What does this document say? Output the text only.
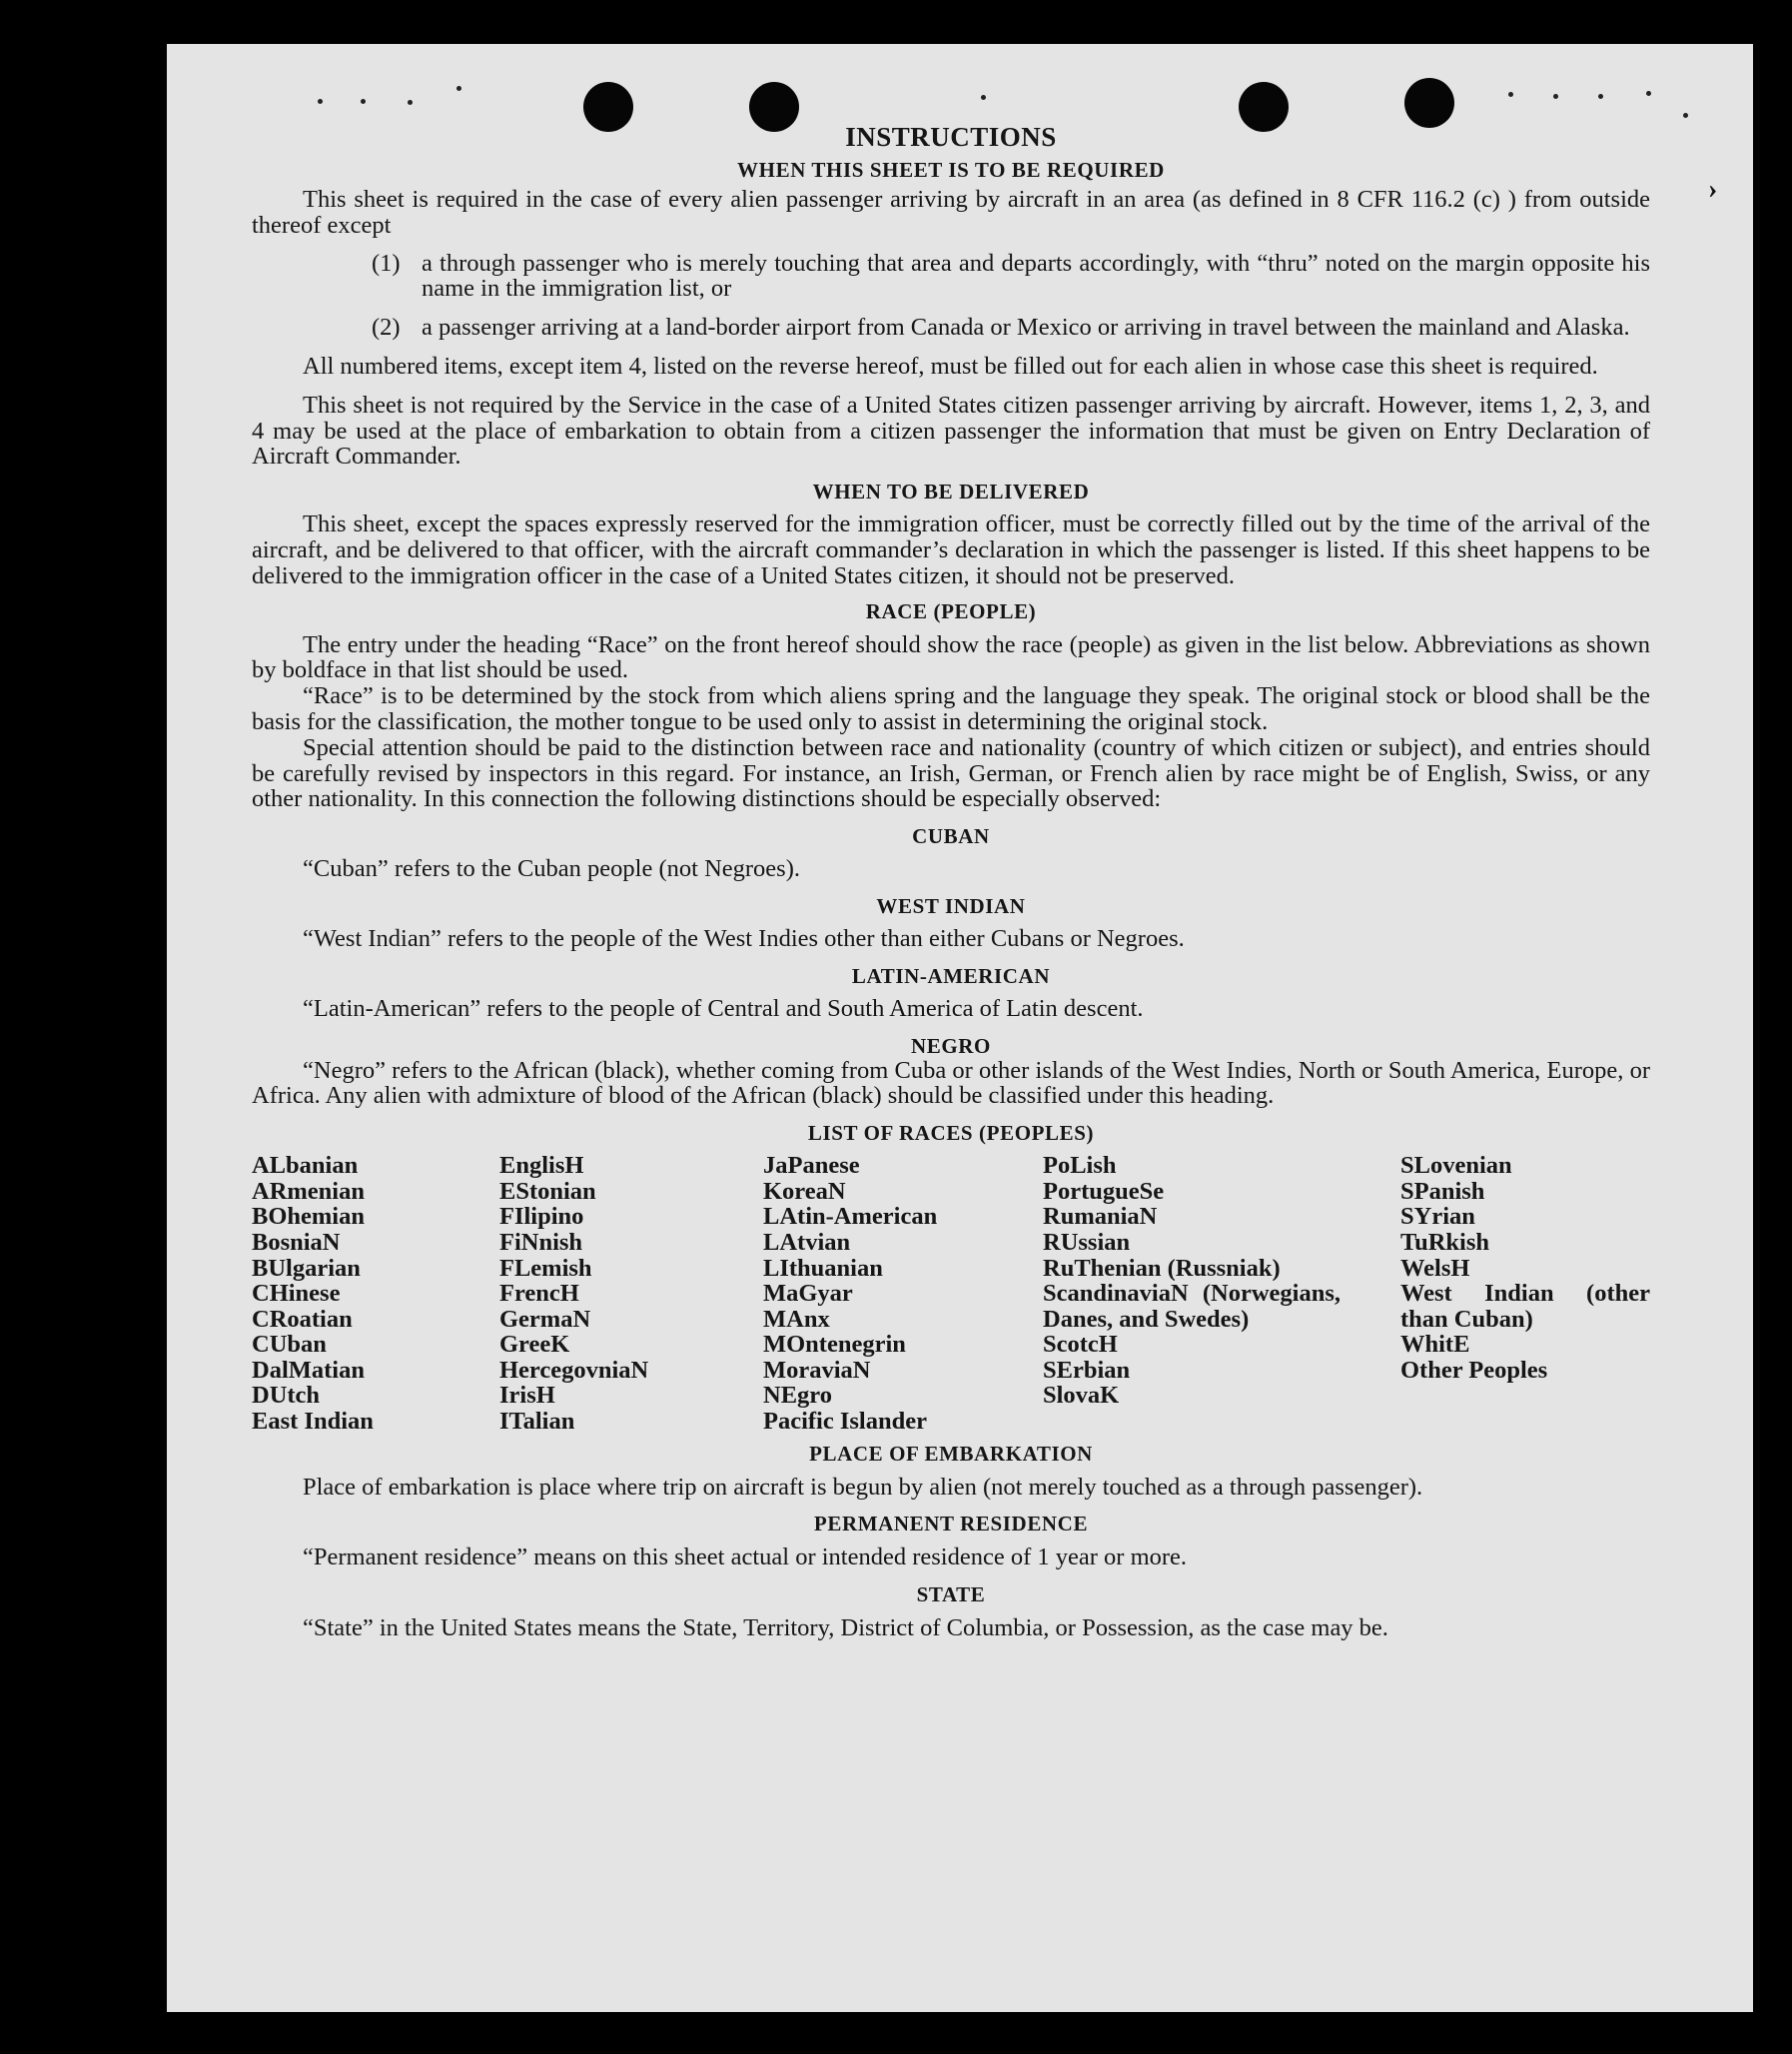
›
INSTRUCTIONS
WHEN THIS SHEET IS TO BE REQUIRED

This sheet is required in the case of every alien passenger arriving by aircraft in an area (as defined in 8 CFR 116.2 (c) ) from outside thereof except

(1) a through passenger who is merely touching that area and departs accordingly, with “thru” noted on the margin opposite his name in the immigration list, or
(2) a passenger arriving at a land-border airport from Canada or Mexico or arriving in travel between the mainland and Alaska.

All numbered items, except item 4, listed on the reverse hereof, must be filled out for each alien in whose case this sheet is required.

This sheet is not required by the Service in the case of a United States citizen passenger arriving by aircraft. However, items 1, 2, 3, and 4 may be used at the place of embarkation to obtain from a citizen passenger the information that must be given on Entry Declaration of Aircraft Commander.

WHEN TO BE DELIVERED

This sheet, except the spaces expressly reserved for the immigration officer, must be correctly filled out by the time of the arrival of the aircraft, and be delivered to that officer, with the aircraft commander’s declaration in which the passenger is listed. If this sheet happens to be delivered to the immigration officer in the case of a United States citizen, it should not be preserved.

RACE (PEOPLE)

The entry under the heading “Race” on the front hereof should show the race (people) as given in the list below. Abbreviations as shown by boldface in that list should be used.

“Race” is to be determined by the stock from which aliens spring and the language they speak. The original stock or blood shall be the basis for the classification, the mother tongue to be used only to assist in determining the original stock.

Special attention should be paid to the distinction between race and nationality (country of which citizen or subject), and entries should be carefully revised by inspectors in this regard. For instance, an Irish, German, or French alien by race might be of English, Swiss, or any other nationality. In this connection the following distinctions should be especially observed:

CUBAN

“Cuban” refers to the Cuban people (not Negroes).

WEST INDIAN

“West Indian” refers to the people of the West Indies other than either Cubans or Negroes.

LATIN-AMERICAN

“Latin-American” refers to the people of Central and South America of Latin descent.

NEGRO

“Negro” refers to the African (black), whether coming from Cuba or other islands of the West Indies, North or South America, Europe, or Africa. Any alien with admixture of blood of the African (black) should be classified under this heading.

LIST OF RACES (PEOPLES)
ALbanian
ARmenian
BOhemian
BosniaN
BUlgarian
CHinese
CRoatian
CUban
DalMatian
DUtch
East Indian
EnglisH
EStonian
FIlipino
FiNnish
FLemish
FrencH
GermaN
GreeK
HercegovniaN
IrisH
ITalian
JaPanese
KoreaN
LAtin-American
LAtvian
LIthuanian
MaGyar
MAnx
MOntenegrin
MoraviaN
NEgro
Pacific Islander
PoLish
PortugueSe
RumaniaN
RUssian
RuThenian (Russniak)
ScandinaviaN (Norwegians, Danes, and Swedes)
ScotcH
SErbian
SlovaK
SLovenian
SPanish
SYrian
TuRkish
WelsH
West Indian (other than Cuban)
WhitE
Other Peoples
PLACE OF EMBARKATION

Place of embarkation is place where trip on aircraft is begun by alien (not merely touched as a through passenger).

PERMANENT RESIDENCE

“Permanent residence” means on this sheet actual or intended residence of 1 year or more.

STATE

“State” in the United States means the State, Territory, District of Columbia, or Possession, as the case may be.
